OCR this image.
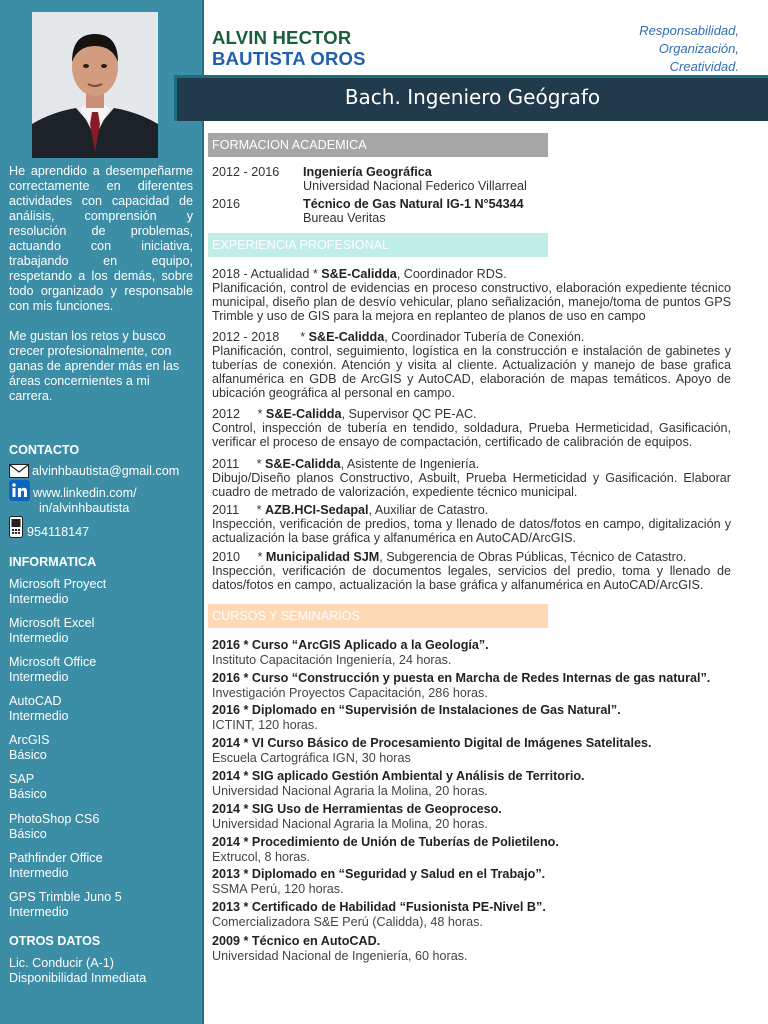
He aprendido a desempeñarme correctamente en diferentes actividades con capacidad de análisis, comprensión y resolución de problemas, actuando con iniciativa, trabajando en equipo, respetando a los demás, sobre todo organizado y responsable con mis funciones.

Me gustan los retos y busco crecer profesionalmente, con ganas de aprender más en las áreas concernientes a mi carrera.

CONTACTO
alvinhbautista@gmail.com
www.linkedin.com/
in/alvinhbautista
954118147
INFORMATICA
Microsoft Proyect
Intermedio
Microsoft Excel
Intermedio
Microsoft Office
Intermedio
AutoCAD
Intermedio
ArcGIS
Básico
SAP
Básico
PhotoShop CS6
Básico
Pathfinder Office
Intermedio
GPS Trimble Juno 5
Intermedio
OTROS DATOS
Lic. Conducir (A-1)
Disponibilidad Inmediata
ALVIN HECTOR
BAUTISTA OROS
Responsabilidad,
Organización,
Creatividad.
Bach. Ingeniero Geógrafo
FORMACION ACADEMICA
2012 - 2016	Ingeniería Geográfica
Universidad Nacional Federico Villarreal
2016	Técnico de Gas Natural IG-1 N°54344
Bureau Veritas
EXPERIENCIA PROFESIONAL
2018 - Actualidad * S&E-Calidda, Coordinador RDS.
Planificación, control de evidencias en proceso constructivo, elaboración expediente técnico municipal, diseño plan de desvío vehicular, plano señalización, manejo/toma de puntos GPS Trimble y uso de GIS para la mejora en replanteo de planos de uso en campo
2012 - 2018      * S&E-Calidda, Coordinador Tubería de Conexión.
Planificación, control, seguimiento, logística en la construcción e instalación de gabinetes y tuberías de conexión. Atención y visita al cliente. Actualización y manejo de base grafica alfanumérica en GDB de ArcGIS y AutoCAD, elaboración de mapas temáticos. Apoyo de ubicación geográfica al personal en campo.
2012     * S&E-Calidda, Supervisor QC PE-AC.
Control, inspección de tubería en tendido, soldadura, Prueba Hermeticidad, Gasificación, verificar el proceso de ensayo de compactación, certificado de calibración de equipos.
2011     * S&E-Calidda, Asistente de Ingeniería.
Dibujo/Diseño planos Constructivo, Asbuilt, Prueba Hermeticidad y Gasificación. Elaborar cuadro de metrado de valorización, expediente técnico municipal.
2011     * AZB.HCI-Sedapal, Auxiliar de Catastro.
Inspección, verificación de predios, toma y llenado de datos/fotos en campo, digitalización y actualización la base gráfica y alfanumérica en AutoCAD/ArcGIS.
2010     * Municipalidad SJM, Subgerencia de Obras Públicas, Técnico de Catastro.
Inspección, verificación de documentos legales, servicios del predio, toma y llenado de datos/fotos en campo, actualización la base gráfica y alfanumérica en AutoCAD/ArcGIS.
CURSOS Y SEMINARIOS
2016 * Curso “ArcGIS Aplicado a la Geología”.
Instituto Capacitación Ingeniería, 24 horas.
2016 * Curso “Construcción y puesta en Marcha de Redes Internas de gas natural”.
Investigación Proyectos Capacitación, 286 horas.
2016 * Diplomado en “Supervisión de Instalaciones de Gas Natural”.
ICTINT, 120 horas.
2014 * VI Curso Básico de Procesamiento Digital de Imágenes Satelitales.
Escuela Cartográfica IGN, 30 horas
2014 * SIG aplicado Gestión Ambiental y Análisis de Territorio.
Universidad Nacional Agraria la Molina, 20 horas.
2014 * SIG Uso de Herramientas de Geoproceso.
Universidad Nacional Agraria la Molina, 20 horas.
2014 * Procedimiento de Unión de Tuberías de Polietileno.
Extrucol, 8 horas.
2013 * Diplomado en “Seguridad y Salud en el Trabajo”.
SSMA Perú, 120 horas.
2013 * Certificado de Habilidad “Fusionista PE-Nivel B”.
Comercializadora S&E Perú (Calidda), 48 horas.
2009 * Técnico en AutoCAD.
Universidad Nacional de Ingeniería, 60 horas.
